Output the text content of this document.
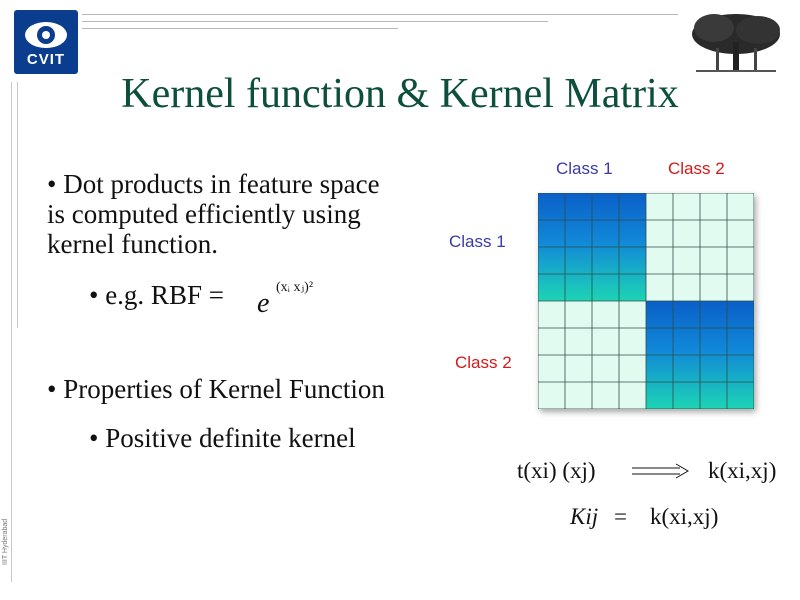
CVIT
Kernel function & Kernel Matrix
• Dot products in feature space
is computed efficiently using
kernel function.
• e.g. RBF = e
(xᵢ xⱼ)²
• Properties of Kernel Function
• Positive definite kernel
Class 1	Class 2
Class 1
Class 2
t(xi) (xj)	k(xi,xj)
Kij = k(xi,xj)
IIIT Hyderabad
